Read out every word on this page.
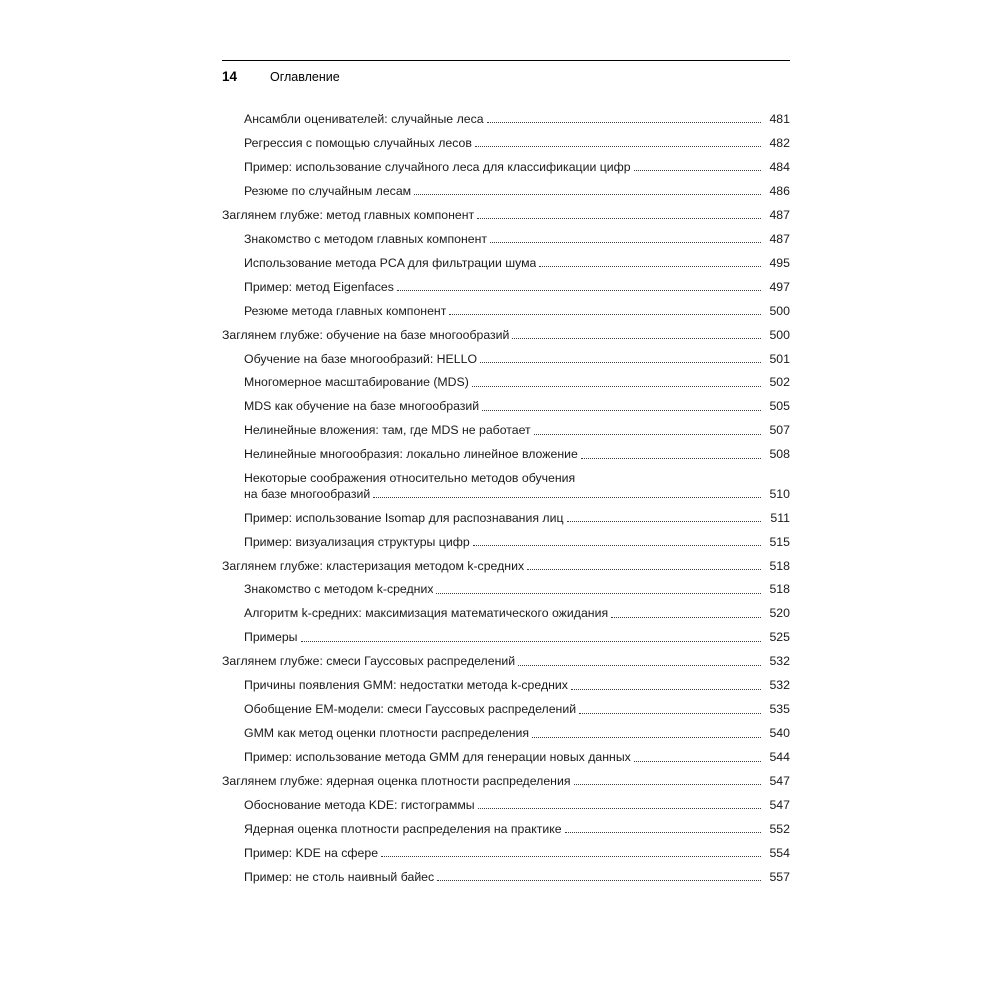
14	Оглавление
Ансамбли оценивателей: случайные леса	481
Регрессия с помощью случайных лесов	482
Пример: использование случайного леса для классификации цифр	484
Резюме по случайным лесам	486
Заглянем глубже: метод главных компонент	487
Знакомство с методом главных компонент	487
Использование метода PCA для фильтрации шума	495
Пример: метод Eigenfaces	497
Резюме метода главных компонент	500
Заглянем глубже: обучение на базе многообразий	500
Обучение на базе многообразий: HELLO	501
Многомерное масштабирование (MDS)	502
MDS как обучение на базе многообразий	505
Нелинейные вложения: там, где MDS не работает	507
Нелинейные многообразия: локально линейное вложение	508
Некоторые соображения относительно методов обучения
на базе многообразий	510
Пример: использование Isomap для распознавания лиц	511
Пример: визуализация структуры цифр	515
Заглянем глубже: кластеризация методом k-средних	518
Знакомство с методом k-средних	518
Алгоритм k-средних: максимизация математического ожидания	520
Примеры	525
Заглянем глубже: смеси Гауссовых распределений	532
Причины появления GMM: недостатки метода k-средних	532
Обобщение EM-модели: смеси Гауссовых распределений	535
GMM как метод оценки плотности распределения	540
Пример: использование метода GMM для генерации новых данных	544
Заглянем глубже: ядерная оценка плотности распределения	547
Обоснование метода KDE: гистограммы	547
Ядерная оценка плотности распределения на практике	552
Пример: KDE на сфере	554
Пример: не столь наивный байес	557
